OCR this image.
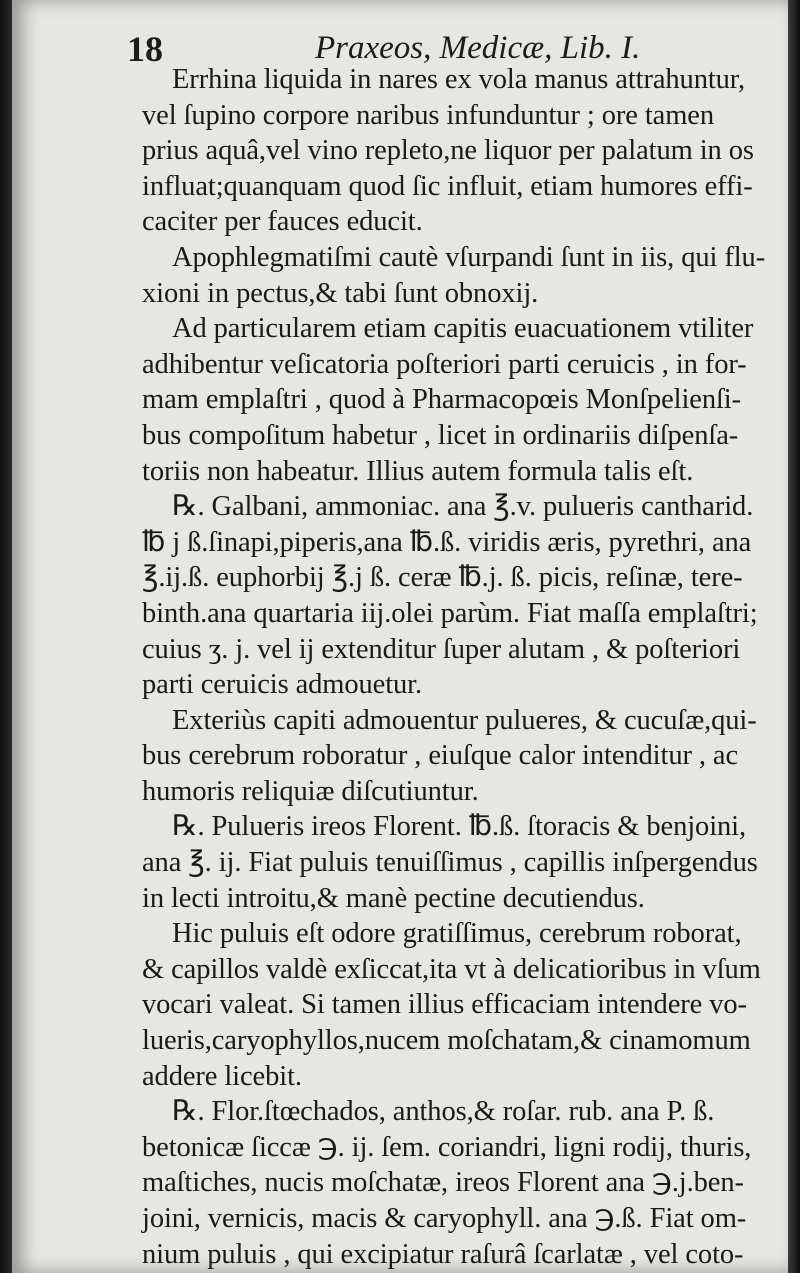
18	Praxeos, Medicæ, Lib. I.
Errhina liquida in nares ex vola manus attrahuntur,
vel ſupino corpore naribus infunduntur ; ore tamen
prius aquâ,vel vino repleto,ne liquor per palatum in os
influat;quanquam quod ſic influit, etiam humores effi-
caciter per fauces educit.
Apophlegmatiſmi cautè vſurpandi ſunt in iis, qui flu-
xioni in pectus,& tabi ſunt obnoxij.
Ad particularem etiam capitis euacuationem vtiliter
adhibentur veſicatoria poſteriori parti ceruicis , in for-
mam emplaſtri , quod à Pharmacopœis Monſpelienſi-
bus compoſitum habetur , licet in ordinariis diſpenſa-
toriis non habeatur. Illius autem formula talis eſt.
℞. Galbani, ammoniac. ana ℥.v. pulueris cantharid.
℔ j ß.ſinapi,piperis,ana ℔.ß. viridis æris, pyrethri, ana
℥.ij.ß. euphorbij ℥.j ß. ceræ ℔.j. ß. picis, reſinæ, tere-
binth.ana quartaria iij.olei parùm. Fiat maſſa emplaſtri;
cuius ʒ. j. vel ij extenditur ſuper alutam , & poſteriori
parti ceruicis admouetur.
Exteriùs capiti admouentur pulueres, & cucuſæ,qui-
bus cerebrum roboratur , eiuſque calor intenditur , ac
humoris reliquiæ diſcutiuntur.
℞. Pulueris ireos Florent. ℔.ß. ſtoracis & benjoini,
ana ℥. ij. Fiat puluis tenuiſſimus , capillis inſpergendus
in lecti introitu,& manè pectine decutiendus.
Hic puluis eſt odore gratiſſimus, cerebrum roborat,
& capillos valdè exſiccat,ita vt à delicatioribus in vſum
vocari valeat. Si tamen illius efficaciam intendere vo-
lueris,caryophyllos,nucem moſchatam,& cinamomum
addere licebit.
℞. Flor.ſtœchados, anthos,& roſar. rub. ana P. ß.
betonicæ ſiccæ ℈. ij. ſem. coriandri, ligni rodij, thuris,
maſtiches, nucis moſchatæ, ireos Florent ana ℈.j.ben-
joini, vernicis, macis & caryophyll. ana ℈.ß. Fiat om-
nium puluis , qui excipiatur raſurâ ſcarlatæ , vel coto-
